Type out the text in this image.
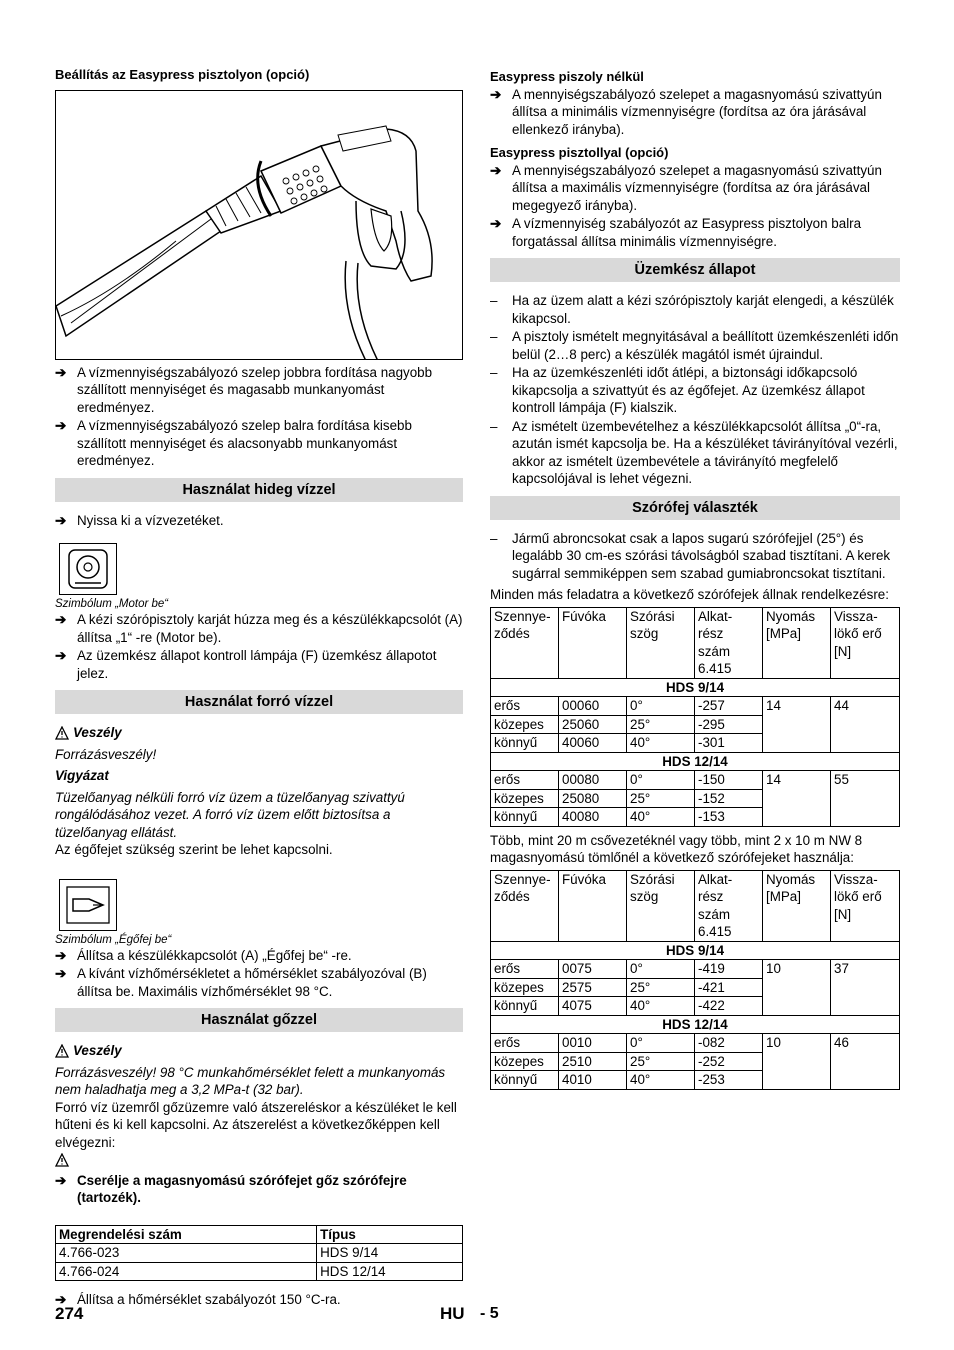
Beállítás az Easypress pisztolyon (opció)
➔ A vízmennyiségszabályozó szelep jobbra fordítása nagyobb szállított mennyiséget és magasabb munkanyomást eredményez.
➔ A vízmennyiségszabályozó szelep balra fordítása kisebb szállított mennyiséget és alacsonyabb munkanyomást eredményez.
Használat hideg vízzel
➔ Nyissa ki a vízvezetéket.
Szimbólum „Motor be“
➔ A kézi szórópisztoly karját húzza meg és a készülékkapcsolót (A) állítsa „1“ -re (Motor be).
➔ Az üzemkész állapot kontroll lámpája (F) üzemkész állapotot jelez.
Használat forró vízzel
Veszély
Forrázásveszély!
Vigyázat
Tüzelőanyag nélküli forró víz üzem a tüzelőanyag szivattyú rongálódásához vezet. A forró víz üzem előtt biztosítsa a tüzelőanyag ellátást.
Az égőfejet szükség szerint be lehet kapcsolni.
Szimbólum „Égőfej be“
➔ Állítsa a készülékkapcsolót (A) „Égőfej be“ -re.
➔ A kívánt vízhőmérsékletet a hőmérséklet szabályozóval (B) állítsa be. Maximális vízhőmérséklet 98 °C.
Használat gőzzel
Veszély
Forrázásveszély! 98 °C munkahőmérséklet felett a munkanyomás nem haladhatja meg a 3,2 MPa-t (32 bar).
Forró víz üzemről gőzüzemre való átszereléskor a készüléket le kell hűteni és ki kell kapcsolni. Az átszerelést a következőképpen kell elvégezni:
➔ Cserélje a magasnyomású szórófejet gőz szórófejre (tartozék).
Megrendelési szám	Típus
4.766-023	HDS 9/14
4.766-024	HDS 12/14
➔ Állítsa a hőmérséklet szabályozót 150 °C-ra.
Easypress piszoly nélkül
➔ A mennyiségszabályozó szelepet a magasnyomású szivattyún állítsa a minimális vízmennyiségre (fordítsa az óra járásával ellenkező irányba).
Easypress pisztollyal (opció)
➔ A mennyiségszabályozó szelepet a magasnyomású szivattyún állítsa a maximális vízmennyiségre (fordítsa az óra járásával megegyező irányba).
➔ A vízmennyiség szabályozót az Easypress pisztolyon balra forgatással állítsa minimális vízmennyiségre.
Üzemkész állapot
–	Ha az üzem alatt a kézi szórópisztoly karját elengedi, a készülék kikapcsol.
–	A pisztoly ismételt megnyitásával a beállított üzemkészenléti időn belül (2…8 perc) a készülék magától ismét újraindul.
–	Ha az üzemkészenléti időt átlépi, a biztonsági időkapcsoló kikapcsolja a szivattyút és az égőfejet. Az üzemkész állapot kontroll lámpája (F) kialszik.
–	Az ismételt üzembevételhez a készülékkapcsolót állítsa „0“-ra, azután ismét kapcsolja be. Ha a készüléket távirányítóval vezérli, akkor az ismételt üzembevétele a távirányító megfelelő kapcsolójával is lehet végezni.
Szórófej választék
–	Jármű abroncsokat csak a lapos sugarú szórófejjel (25°) és legalább 30 cm-es szórási távolságból szabad tisztítani. A kerek sugárral semmiképpen sem szabad gumiabroncsokat tisztítani.
Minden más feladatra a következő szórófejek állnak rendelkezésre:
Szennye-
ződés	Fúvóka	Szórási
szög	Alkat-
rész
szám
6.415	Nyomás
[MPa]	Vissza-
lökő erő
[N]
HDS 9/14					
erős	00060	0°	-257	14	44
közepes	25060	25°	-295		
könnyű	40060	40°	-301		
HDS 12/14					
erős	00080	0°	-150	14	55
közepes	25080	25°	-152		
könnyű	40080	40°	-153		
Több, mint 20 m csővezetéknél vagy több, mint 2 x 10 m NW 8 magasnyomású tömlőnél a következő szórófejeket használja:
Szennye-
ződés	Fúvóka	Szórási
szög	Alkat-
rész
szám
6.415	Nyomás
[MPa]	Vissza-
lökő erő
[N]
HDS 9/14					
erős	0075	0°	-419	10	37
közepes	2575	25°	-421		
könnyű	4075	40°	-422		
HDS 12/14					
erős	0010	0°	-082	10	46
közepes	2510	25°	-252		
könnyű	4010	40°	-253		
274	HU - 5
